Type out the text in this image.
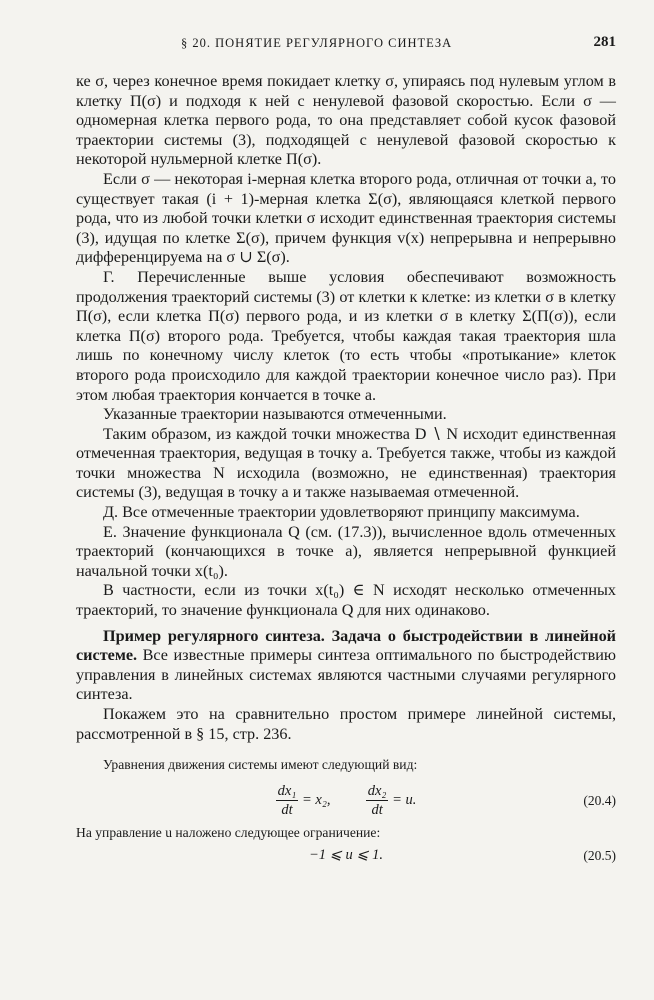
§ 20. ПОНЯТИЕ РЕГУЛЯРНОГО СИНТЕЗА	281

ке σ, через конечное время покидает клетку σ, упираясь под нулевым углом в клетку Π(σ) и подходя к ней с ненулевой фазовой скоростью. Если σ — одномерная клетка первого рода, то она представляет собой кусок фазовой траектории системы (3), подходящей с ненулевой фазовой скоростью к некоторой нульмерной клетке Π(σ).

Если σ — некоторая i-мерная клетка второго рода, отличная от точки a, то существует такая (i + 1)-мерная клетка Σ(σ), являющаяся клеткой первого рода, что из любой точки клетки σ исходит единственная траектория системы (3), идущая по клетке Σ(σ), причем функция v(x) непрерывна и непрерывно дифференцируема на σ ∪ Σ(σ).

Г. Перечисленные выше условия обеспечивают возможность продолжения траекторий системы (3) от клетки к клетке: из клетки σ в клетку Π(σ), если клетка Π(σ) первого рода, и из клетки σ в клетку Σ(Π(σ)), если клетка Π(σ) второго рода. Требуется, чтобы каждая такая траектория шла лишь по конечному числу клеток (то есть чтобы «протыкание» клеток второго рода происходило для каждой траектории конечное число раз). При этом любая траектория кончается в точке a.

Указанные траектории называются отмеченными.

Таким образом, из каждой точки множества D ∖ N исходит единственная отмеченная траектория, ведущая в точку a. Требуется также, чтобы из каждой точки множества N исходила (возможно, не единственная) траектория системы (3), ведущая в точку a и также называемая отмеченной.

Д. Все отмеченные траектории удовлетворяют принципу максимума.

Е. Значение функционала Q (см. (17.3)), вычисленное вдоль отмеченных траекторий (кончающихся в точке a), является непрерывной функцией начальной точки x(t₀).

В частности, если из точки x(t₀) ∈ N исходят несколько отмеченных траекторий, то значение функционала Q для них одинаково.

Пример регулярного синтеза. Задача о быстродействии в линейной системе. Все известные примеры синтеза оптимального по быстродействию управления в линейных системах являются частными случаями регулярного синтеза.

Покажем это на сравнительно простом примере линейной системы, рассмотренной в § 15, стр. 236.

Уравнения движения системы имеют следующий вид:

$\frac{\text{dx₁}}{dt} = x_2$, $\frac{\text{dx₂}}{dt} = u$.	(20.4)

На управление u наложено следующее ограничение:

−1 ⩽ u ⩽ 1.	(20.5)
